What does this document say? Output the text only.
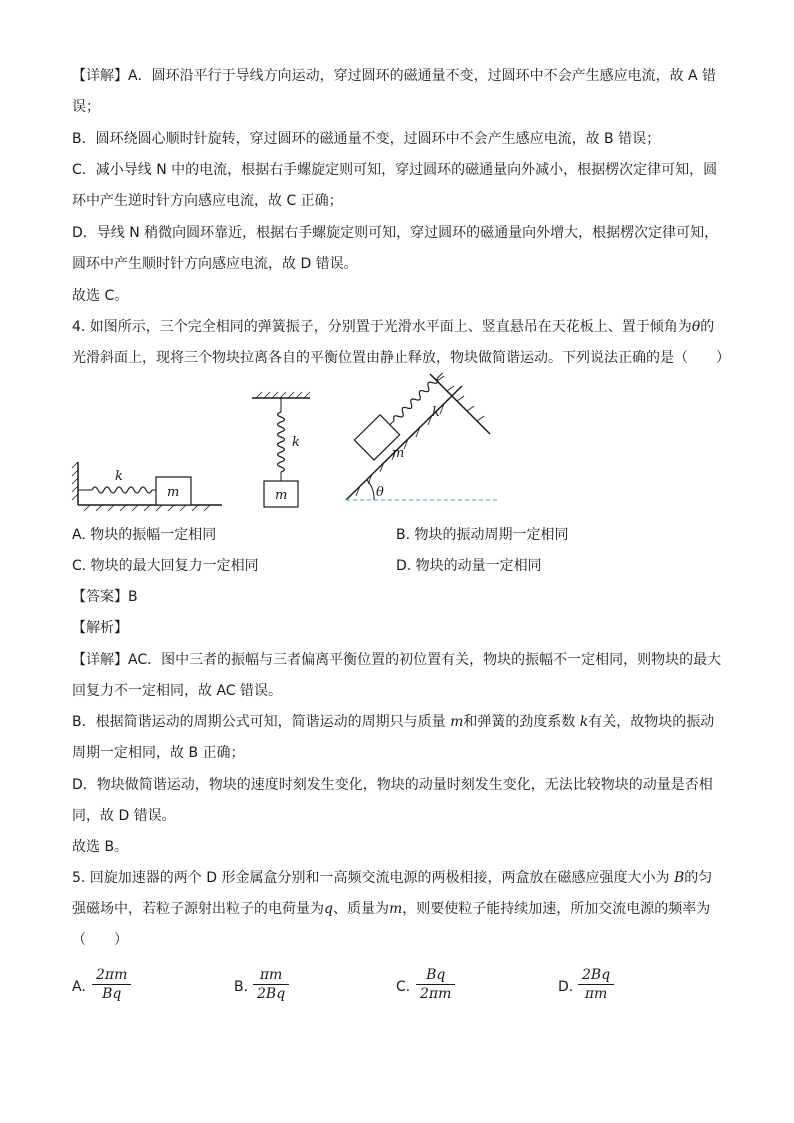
【详解】A．圆环沿平行于导线方向运动，穿过圆环的磁通量不变，过圆环中不会产生感应电流，故 A 错
误；
B．圆环绕圆心顺时针旋转，穿过圆环的磁通量不变，过圆环中不会产生感应电流，故 B 错误；
C．减小导线 N 中的电流，根据右手螺旋定则可知，穿过圆环的磁通量向外减小，根据楞次定律可知，圆
环中产生逆时针方向感应电流，故 C 正确；
D．导线 N 稍微向圆环靠近，根据右手螺旋定则可知，穿过圆环的磁通量向外增大，根据楞次定律可知，
圆环中产生顺时针方向感应电流，故 D 错误。
故选 C。
4. 如图所示，三个完全相同的弹簧振子，分别置于光滑水平面上、竖直悬吊在天花板上、置于倾角为θ的
光滑斜面上，现将三个物块拉离各自的平衡位置由静止释放，物块做简谐运动。下列说法正确的是（　　）
k
m
k
m
k
m
θ
A. 物块的振幅一定相同	B. 物块的振动周期一定相同
C. 物块的最大回复力一定相同	D. 物块的动量一定相同
【答案】B
【解析】
【详解】AC．图中三者的振幅与三者偏离平衡位置的初位置有关，物块的振幅不一定相同，则物块的最大
回复力不一定相同，故 AC 错误。
B．根据简谐运动的周期公式可知，简谐运动的周期只与质量 m和弹簧的劲度系数 k有关，故物块的振动
周期一定相同，故 B 正确；
D．物块做简谐运动，物块的速度时刻发生变化，物块的动量时刻发生变化，无法比较物块的动量是否相
同，故 D 错误。
故选 B。
5. 回旋加速器的两个 D 形金属盒分别和一高频交流电源的两极相接，两盒放在磁感应强度大小为 B的匀
强磁场中，若粒子源射出粒子的电荷量为q、质量为m，则要使粒子能持续加速，所加交流电源的频率为
（　　）
A. $\frac{2\pi m}{Bq}$	B. $\frac{\pi m}{2Bq}$	C. $\frac{Bq}{2\pi m}$	D. $\frac{2Bq}{\pi m}$
